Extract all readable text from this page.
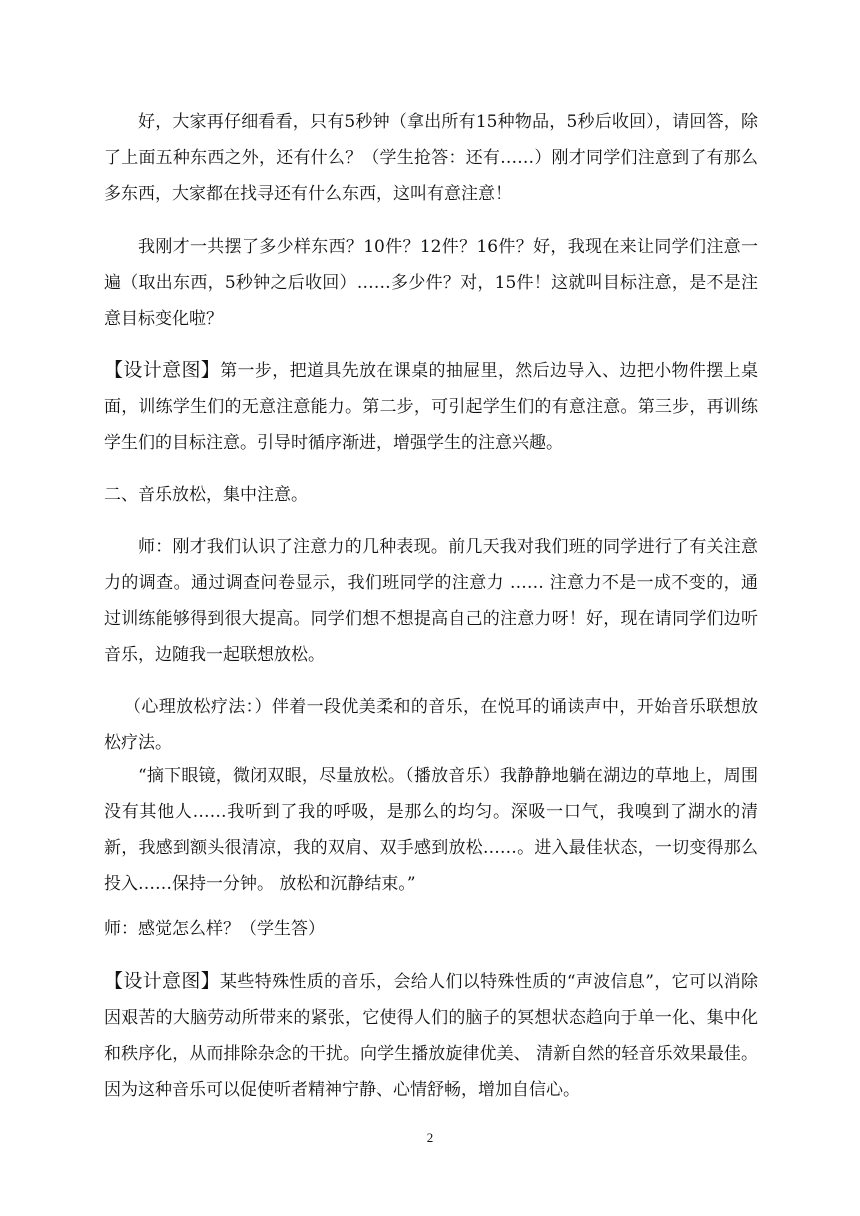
好，大家再仔细看看，只有5秒钟（拿出所有15种物品，5秒后收回），请回答，除了上面五种东西之外，还有什么？（学生抢答：还有……）刚才同学们注意到了有那么多东西，大家都在找寻还有什么东西，这叫有意注意！

我刚才一共摆了多少样东西？10件？12件？16件？好，我现在来让同学们注意一遍（取出东西，5秒钟之后收回）……多少件？对，15件！这就叫目标注意，是不是注意目标变化啦？

【设计意图】第一步，把道具先放在课桌的抽屉里，然后边导入、边把小物件摆上桌面，训练学生们的无意注意能力。第二步，可引起学生们的有意注意。第三步，再训练学生们的目标注意。引导时循序渐进，增强学生的注意兴趣。

二、音乐放松，集中注意。

师：刚才我们认识了注意力的几种表现。前几天我对我们班的同学进行了有关注意力的调查。通过调查问卷显示，我们班同学的注意力 …… 注意力不是一成不变的，通过训练能够得到很大提高。同学们想不想提高自己的注意力呀！好，现在请同学们边听音乐，边随我一起联想放松。

（心理放松疗法：）伴着一段优美柔和的音乐，在悦耳的诵读声中，开始音乐联想放松疗法。

“摘下眼镜，微闭双眼，尽量放松。（播放音乐）我静静地躺在湖边的草地上，周围没有其他人……我听到了我的呼吸，是那么的均匀。深吸一口气，我嗅到了湖水的清新，我感到额头很清凉，我的双肩、双手感到放松……。进入最佳状态，一切变得那么投入……保持一分钟。 放松和沉静结束。”

师：感觉怎么样？（学生答）

【设计意图】某些特殊性质的音乐，会给人们以特殊性质的“声波信息”，它可以消除因艰苦的大脑劳动所带来的紧张，它使得人们的脑子的冥想状态趋向于单一化、集中化和秩序化，从而排除杂念的干扰。向学生播放旋律优美、 清新自然的轻音乐效果最佳。因为这种音乐可以促使听者精神宁静、心情舒畅，增加自信心。

2
